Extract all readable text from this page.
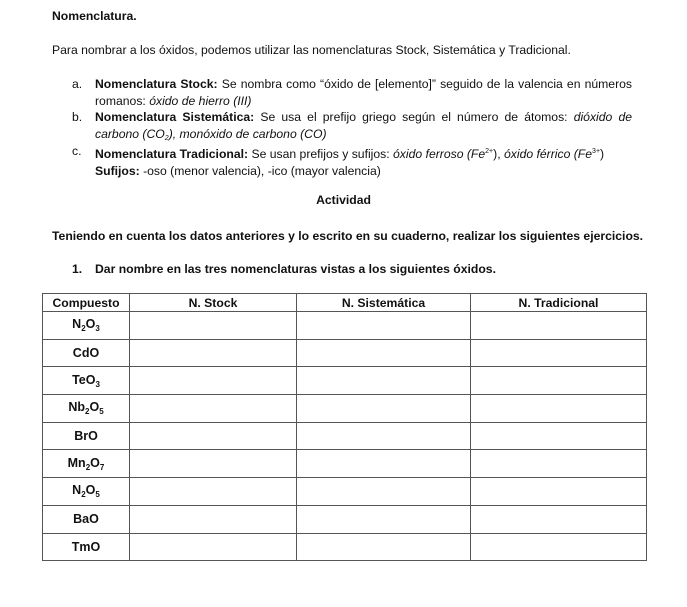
Nomenclatura.
Para nombrar a los óxidos, podemos utilizar las nomenclaturas Stock, Sistemática y Tradicional.
a. Nomenclatura Stock: Se nombra como “óxido de [elemento]” seguido de la valencia en números romanos: óxido de hierro (III)
b. Nomenclatura Sistemática: Se usa el prefijo griego según el número de átomos: dióxido de carbono $(CO_2)$, monóxido de carbono (CO)
c. Nomenclatura Tradicional: Se usan prefijos y sufijos: óxido ferroso $(Fe^{2+})$, óxido férrico $(Fe^{3+})$
Sufijos: -oso (menor valencia), -ico (mayor valencia)
Actividad
Teniendo en cuenta los datos anteriores y lo escrito en su cuaderno, realizar los siguientes ejercicios.
1. Dar nombre en las tres nomenclaturas vistas a los siguientes óxidos.
Compuesto	N. Stock	N. Sistemática	N. Tradicional
$N_2O_3$			
CdO			
TeO$_3$			
$Nb_2O_5$			
BrO			
$Mn_2O_7$			
$N_2O_5$			
BaO			
TmO			
